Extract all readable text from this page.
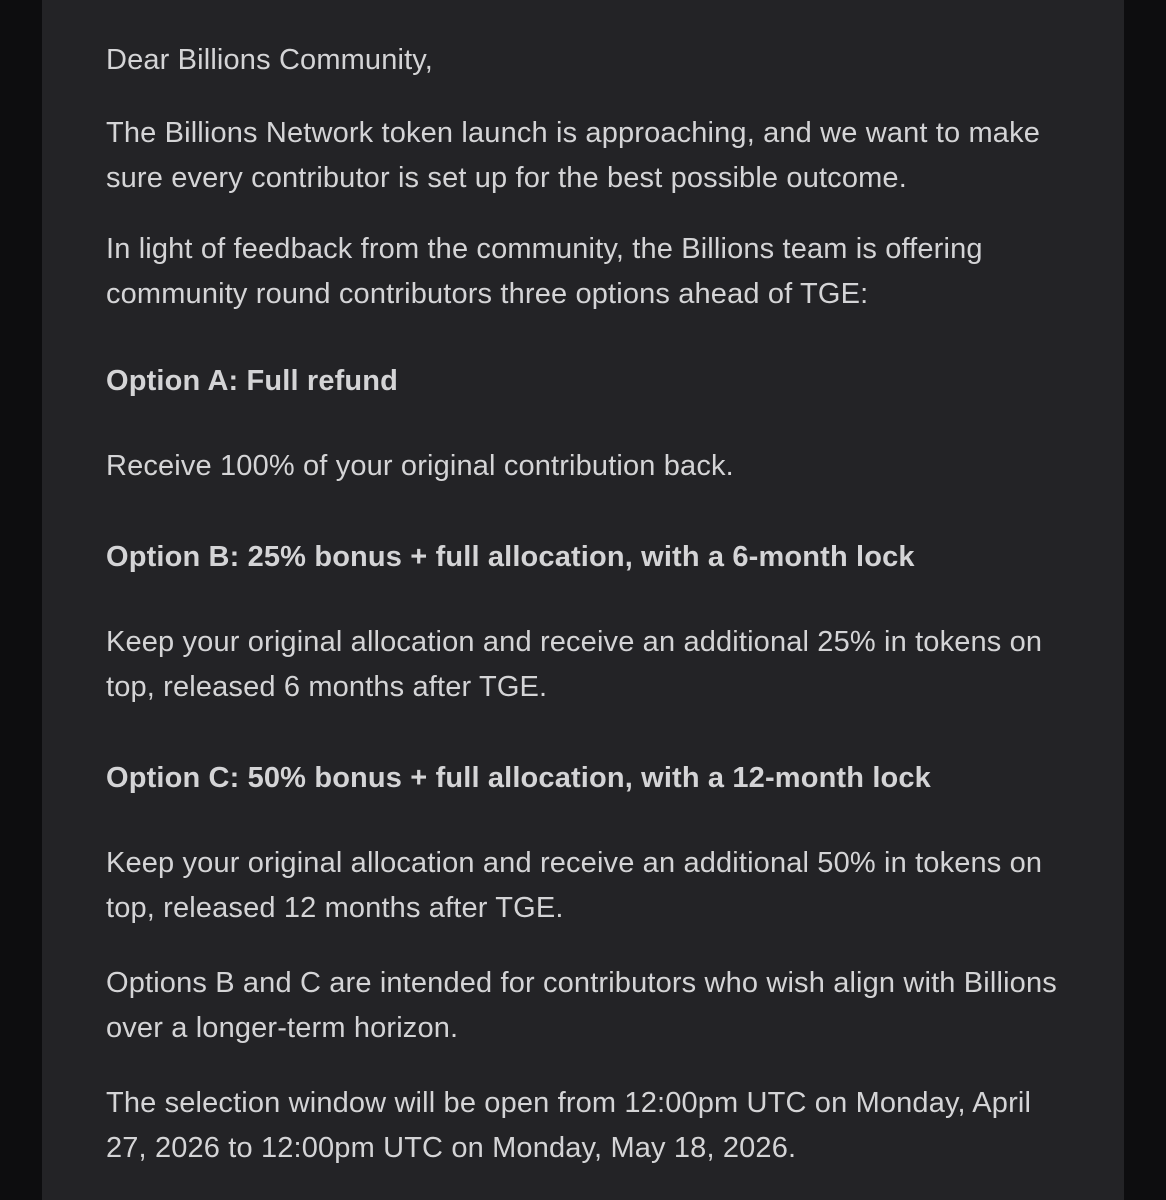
Dear Billions Community,

The Billions Network token launch is approaching, and we want to make sure every contributor is set up for the best possible outcome.

In light of feedback from the community, the Billions team is offering community round contributors three options ahead of TGE:

Option A: Full refund

Receive 100% of your original contribution back.

Option B: 25% bonus + full allocation, with a 6-month lock

Keep your original allocation and receive an additional 25% in tokens on top, released 6 months after TGE.

Option C: 50% bonus + full allocation, with a 12-month lock

Keep your original allocation and receive an additional 50% in tokens on top, released 12 months after TGE.

Options B and C are intended for contributors who wish align with Billions over a longer-term horizon.

The selection window will be open from 12:00pm UTC on Monday, April 27, 2026 to 12:00pm UTC on Monday, May 18, 2026.
